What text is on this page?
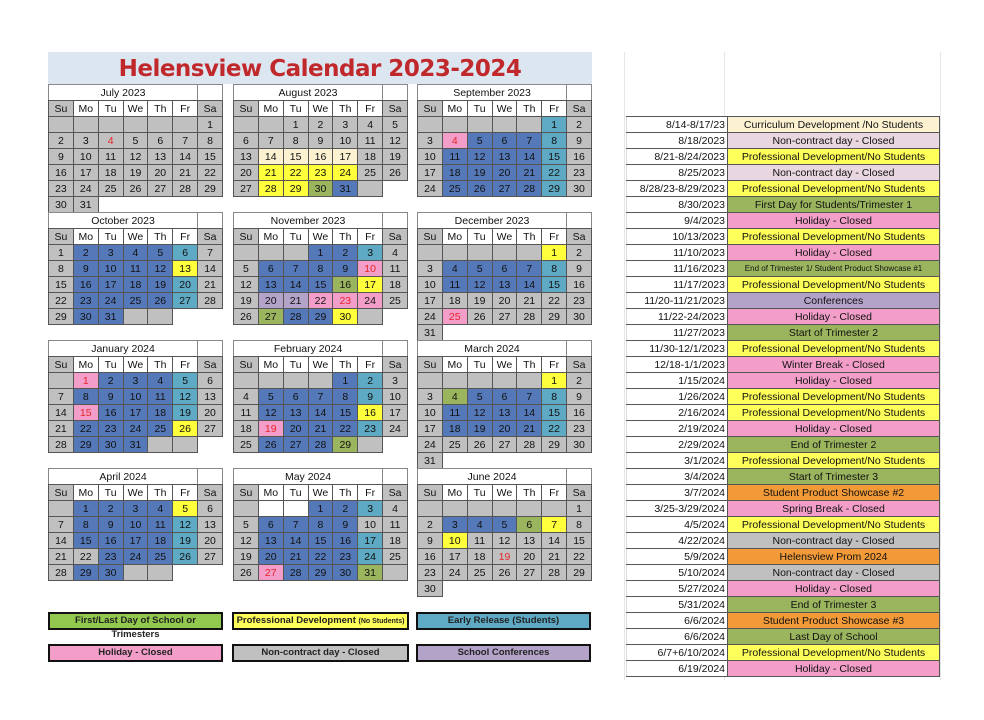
Helensview Calendar 2023-2024
July 2023						
Su	Mo	Tu	We	Th	Fr	Sa
						1
2	3	4	5	6	7	8
9	10	11	12	13	14	15
16	17	18	19	20	21	22
23	24	25	26	27	28	29
30	31					
August 2023						
Su	Mo	Tu	We	Th	Fr	Sa
		1	2	3	4	5
6	7	8	9	10	11	12
13	14	15	16	17	18	19
20	21	22	23	24	25	26
27	28	29	30	31		

September 2023						
Su	Mo	Tu	We	Th	Fr	Sa
					1	2
3	4	5	6	7	8	9
10	11	12	13	14	15	16
17	18	19	20	21	22	23
24	25	26	27	28	29	30

October 2023						
Su	Mo	Tu	We	Th	Fr	Sa
1	2	3	4	5	6	7
8	9	10	11	12	13	14
15	16	17	18	19	20	21
22	23	24	25	26	27	28
29	30	31				

November 2023						
Su	Mo	Tu	We	Th	Fr	Sa
			1	2	3	4
5	6	7	8	9	10	11
12	13	14	15	16	17	18
19	20	21	22	23	24	25
26	27	28	29	30		

December 2023						
Su	Mo	Tu	We	Th	Fr	Sa
					1	2
3	4	5	6	7	8	9
10	11	12	13	14	15	16
17	18	19	20	21	22	23
24	25	26	27	28	29	30
31						
January 2024						
Su	Mo	Tu	We	Th	Fr	Sa
	1	2	3	4	5	6
7	8	9	10	11	12	13
14	15	16	17	18	19	20
21	22	23	24	25	26	27
28	29	30	31			

February 2024						
Su	Mo	Tu	We	Th	Fr	Sa
				1	2	3
4	5	6	7	8	9	10
11	12	13	14	15	16	17
18	19	20	21	22	23	24
25	26	27	28	29		

March 2024						
Su	Mo	Tu	We	Th	Fr	Sa
					1	2
3	4	5	6	7	8	9
10	11	12	13	14	15	16
17	18	19	20	21	22	23
24	25	26	27	28	29	30
31						
April 2024						
Su	Mo	Tu	We	Th	Fr	Sa
	1	2	3	4	5	6
7	8	9	10	11	12	13
14	15	16	17	18	19	20
21	22	23	24	25	26	27
28	29	30				

May 2024						
Su	Mo	Tu	We	Th	Fr	Sa
			1	2	3	4
5	6	7	8	9	10	11
12	13	14	15	16	17	18
19	20	21	22	23	24	25
26	27	28	29	30	31	

June 2024						
Su	Mo	Tu	We	Th	Fr	Sa
						1
2	3	4	5	6	7	8
9	10	11	12	13	14	15
16	17	18	19	20	21	22
23	24	25	26	27	28	29
30						
8/14-8/17/23	Curriculum Development /No Students
8/18/2023	Non-contract day - Closed
8/21-8/24/2023	Professional Development/No Students
8/25/2023	Non-contract day - Closed
8/28/23-8/29/2023	Professional Development/No Students
8/30/2023	First Day for Students/Trimester 1
9/4/2023	Holiday - Closed
10/13/2023	Professional Development/No Students
11/10/2023	Holiday - Closed
11/16/2023	End of Trimester 1/ Student Product Showcase #1
11/17/2023	Professional Development/No Students
11/20-11/21/2023	Conferences
11/22-24/2023	Holiday - Closed
11/27/2023	Start of Trimester 2
11/30-12/1/2023	Professional Development/No Students
12/18-1/1/2023	Winter Break - Closed
1/15/2024	Holiday - Closed
1/26/2024	Professional Development/No Students
2/16/2024	Professional Development/No Students
2/19/2024	Holiday - Closed
2/29/2024	End of Trimester 2
3/1/2024	Professional Development/No Students
3/4/2024	Start of Trimester 3
3/7/2024	Student Product Showcase #2
3/25-3/29/2024	Spring Break - Closed
4/5/2024	Professional Development/No Students
4/22/2024	Non-contract day - Closed
5/9/2024	Helensview Prom 2024
5/10/2024	Non-contract day - Closed
5/27/2024	Holiday - Closed
5/31/2024	End of Trimester 3
6/6/2024	Student Product Showcase #3
6/6/2024	Last Day of School
6/7+6/10/2024	Professional Development/No Students
6/19/2024	Holiday - Closed
First/Last Day of School or Trimesters
Professional Development (No Students)	Early Release (Students)
Holiday - Closed	Non-contract day - Closed	School Conferences
